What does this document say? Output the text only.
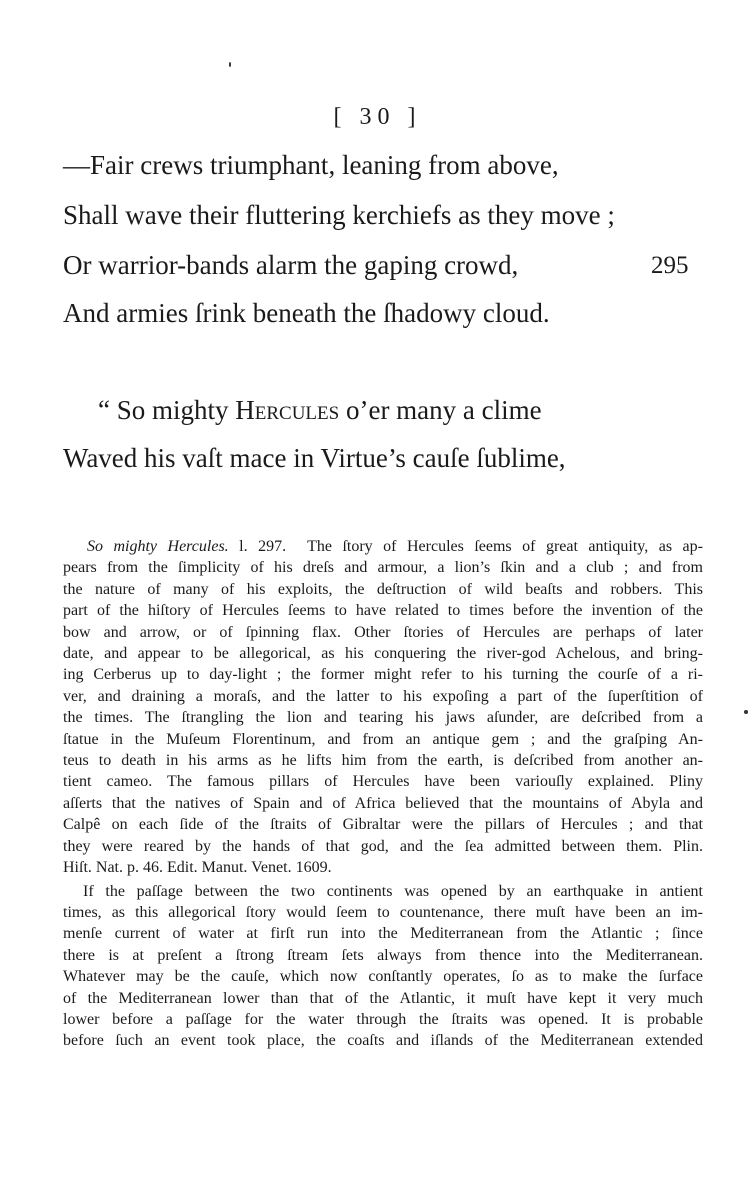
[ 30 ]
—Fair crews triumphant, leaning from above,
Shall wave their fluttering kerchiefs as they move ;
Or warrior-bands alarm the gaping crowd,	295
And armies ſrink beneath the ſhadowy cloud.
“ So mighty Hercules o’er many a clime
Waved his vaſt mace in Virtue’s cauſe ſublime,

So mighty Hercules. l. 297. The ſtory of Hercules ſeems of great antiquity, as ap-

pears from the ſimplicity of his dreſs and armour, a lion’s ſkin and a club ; and from

the nature of many of his exploits, the deſtruction of wild beaſts and robbers. This

part of the hiſtory of Hercules ſeems to have related to times before the invention of the

bow and arrow, or of ſpinning flax. Other ſtories of Hercules are perhaps of later

date, and appear to be allegorical, as his conquering the river-god Achelous, and bring-

ing Cerberus up to day-light ; the former might refer to his turning the courſe of a ri-

ver, and draining a moraſs, and the latter to his expoſing a part of the ſuperſtition of

the times. The ſtrangling the lion and tearing his jaws aſunder, are deſcribed from a

ſtatue in the Muſeum Florentinum, and from an antique gem ; and the graſping An-

teus to death in his arms as he lifts him from the earth, is deſcribed from another an-

tient cameo. The famous pillars of Hercules have been variouſly explained. Pliny

aſſerts that the natives of Spain and of Africa believed that the mountains of Abyla and

Calpê on each ſide of the ſtraits of Gibraltar were the pillars of Hercules ; and that

they were reared by the hands of that god, and the ſea admitted between them. Plin.

Hiſt. Nat. p. 46. Edit. Manut. Venet. 1609.

If the paſſage between the two continents was opened by an earthquake in antient

times, as this allegorical ſtory would ſeem to countenance, there muſt have been an im-

menſe current of water at firſt run into the Mediterranean from the Atlantic ; ſince

there is at preſent a ſtrong ſtream ſets always from thence into the Mediterranean.

Whatever may be the cauſe, which now conſtantly operates, ſo as to make the ſurface

of the Mediterranean lower than that of the Atlantic, it muſt have kept it very much

lower before a paſſage for the water through the ſtraits was opened. It is probable

before ſuch an event took place, the coaſts and iſlands of the Mediterranean extended
